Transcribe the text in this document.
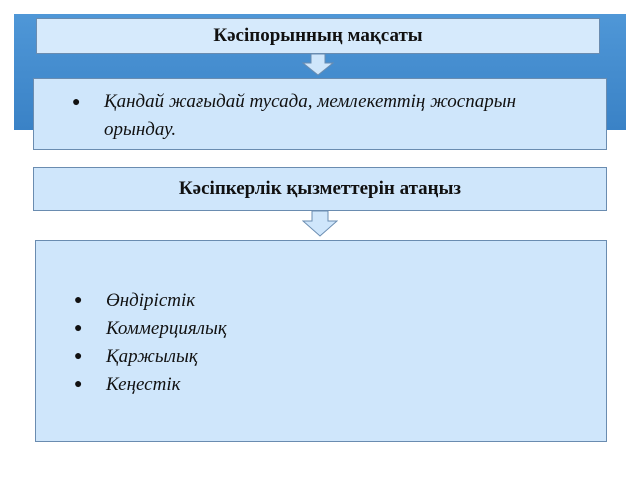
Кәсіпорынның мақсаты
● Қандай жағыдай тусада, мемлекеттің жоспарын орындау.
Кәсіпкерлік қызметтерін атаңыз
● Өндірістік
● Коммерциялық
● Қаржылық
● Кеңестік
